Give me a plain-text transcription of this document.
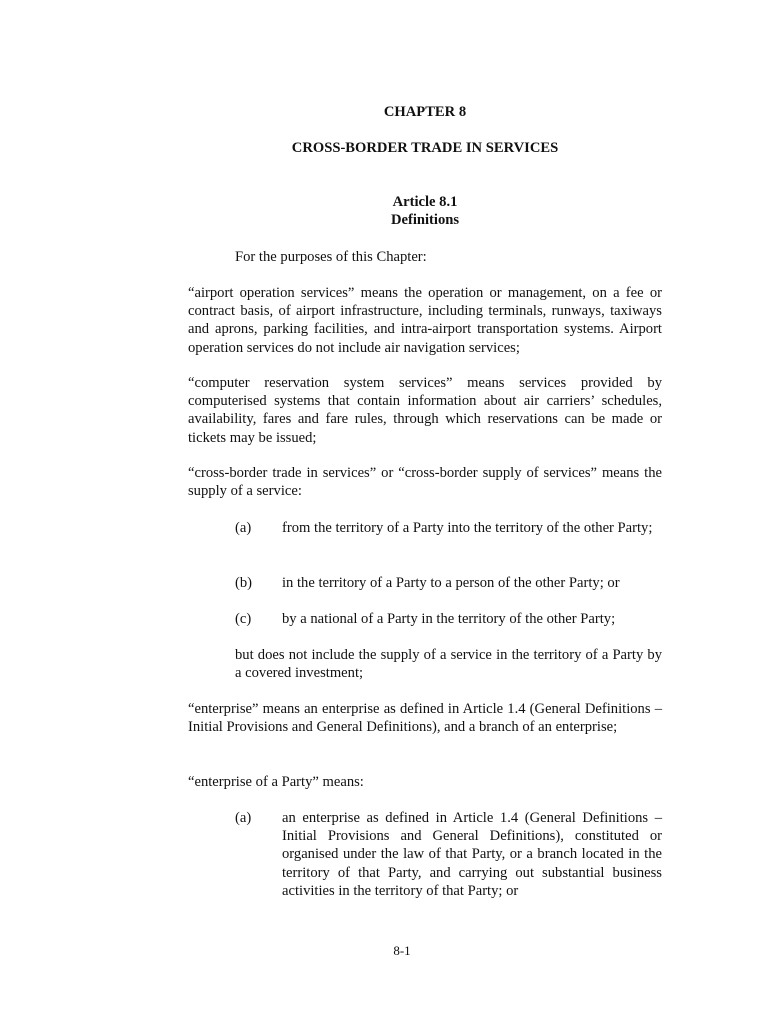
CHAPTER 8
CROSS-BORDER TRADE IN SERVICES
Article 8.1
Definitions
For the purposes of this Chapter:
“airport operation services” means the operation or management, on a fee or contract basis, of airport infrastructure, including terminals, runways, taxiways and aprons, parking facilities, and intra-airport transportation systems. Airport operation services do not include air navigation services;
“computer reservation system services” means services provided by computerised systems that contain information about air carriers’ schedules, availability, fares and fare rules, through which reservations can be made or tickets may be issued;
“cross-border trade in services” or “cross-border supply of services” means the supply of a service:
(a)	from the territory of a Party into the territory of the other Party;
(b)	in the territory of a Party to a person of the other Party; or
(c)	by a national of a Party in the territory of the other Party;
but does not include the supply of a service in the territory of a Party by a covered investment;
“enterprise” means an enterprise as defined in Article 1.4 (General Definitions – Initial Provisions and General Definitions), and a branch of an enterprise;
“enterprise of a Party” means:
(a)	an enterprise as defined in Article 1.4 (General Definitions – Initial Provisions and General Definitions), constituted or organised under the law of that Party, or a branch located in the territory of that Party, and carrying out substantial business activities in the territory of that Party; or
8-1
